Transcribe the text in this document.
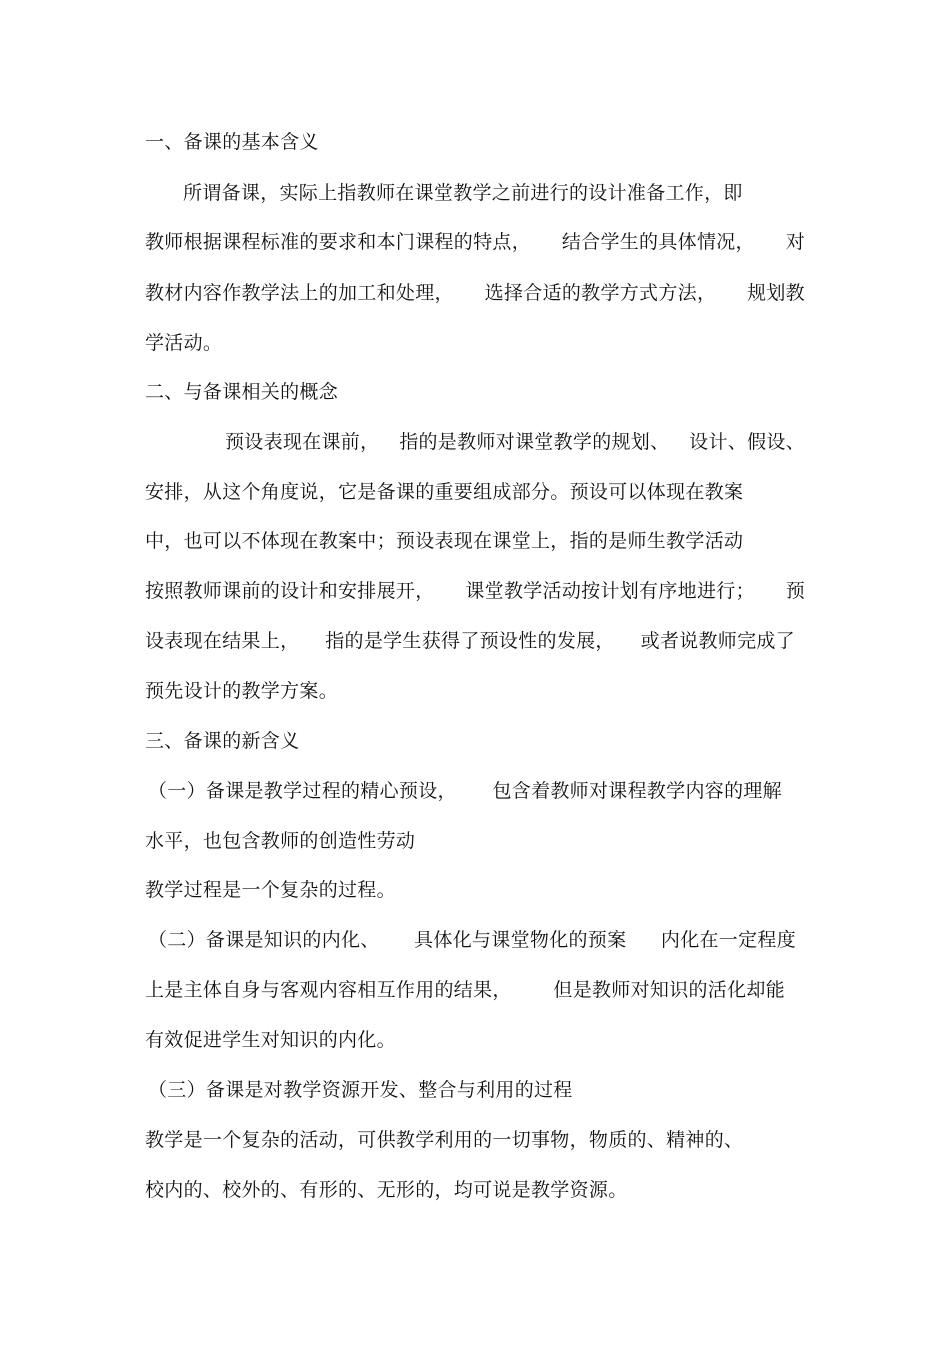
一、备课的基本含义
所谓备课，实际上指教师在课堂教学之前进行的设计准备工作，即
教师根据课程标准的要求和本门课程的特点， 结合学生的具体情况， 对
教材内容作教学法上的加工和处理， 选择合适的教学方式方法， 规划教
学活动。
二、与备课相关的概念
预设表现在课前， 指的是教师对课堂教学的规划、 设计、假设、
安排，从这个角度说，它是备课的重要组成部分。预设可以体现在教案
中，也可以不体现在教案中；预设表现在课堂上，指的是师生教学活动
按照教师课前的设计和安排展开， 课堂教学活动按计划有序地进行； 预
设表现在结果上， 指的是学生获得了预设性的发展， 或者说教师完成了
预先设计的教学方案。
三、备课的新含义
（一）备课是教学过程的精心预设， 包含着教师对课程教学内容的理解
水平，也包含教师的创造性劳动
教学过程是一个复杂的过程。
（二）备课是知识的内化、 具体化与课堂物化的预案 内化在一定程度
上是主体自身与客观内容相互作用的结果， 但是教师对知识的活化却能
有效促进学生对知识的内化。
（三）备课是对教学资源开发、整合与利用的过程
教学是一个复杂的活动，可供教学利用的一切事物，物质的、精神的、
校内的、校外的、有形的、无形的，均可说是教学资源。
